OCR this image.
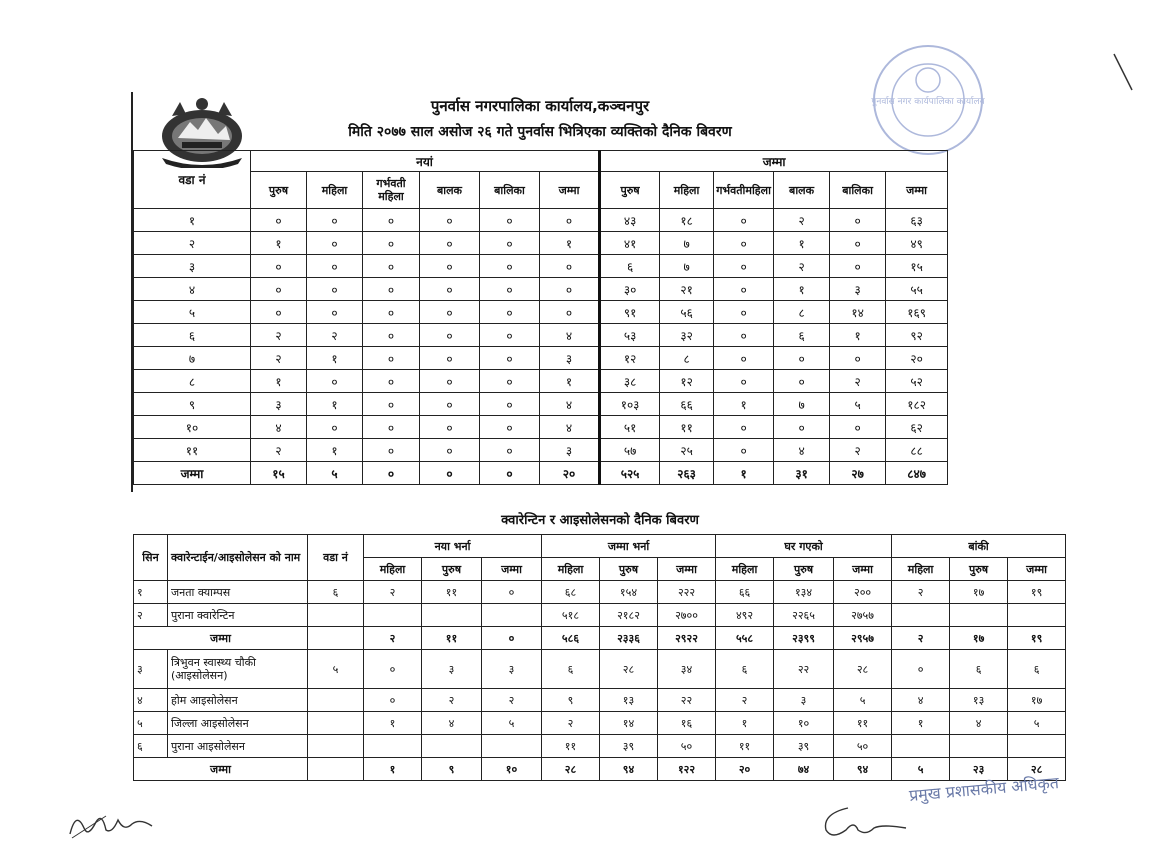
पुनर्वास नगर कार्यपालिका कार्यालय
पुनर्वास नगरपालिका कार्यालय,कञ्चनपुर
मिति २०७७ साल असोज २६ गते पुनर्वास भित्रिएका व्यक्तिको दैनिक बिवरण
वडा नं	नयां						जम्मा					
	पुरुष	महिला	गर्भवती महिला	बालक	बालिका	जम्मा	पुरुष	महिला	गर्भवतीमहिला	बालक	बालिका	जम्मा
१	०	०	०	०	०	०	४३	१८	०	२	०	६३
२	१	०	०	०	०	१	४१	७	०	१	०	४९
३	०	०	०	०	०	०	६	७	०	२	०	१५
४	०	०	०	०	०	०	३०	२१	०	१	३	५५
५	०	०	०	०	०	०	९१	५६	०	८	१४	१६९
६	२	२	०	०	०	४	५३	३२	०	६	१	९२
७	२	१	०	०	०	३	१२	८	०	०	०	२०
८	१	०	०	०	०	१	३८	१२	०	०	२	५२
९	३	१	०	०	०	४	१०३	६६	१	७	५	१८२
१०	४	०	०	०	०	४	५१	११	०	०	०	६२
११	२	१	०	०	०	३	५७	२५	०	४	२	८८
जम्मा	१५	५	०	०	०	२०	५२५	२६३	१	३१	२७	८४७
क्वारेन्टिन र आइसोलेसनको दैनिक बिवरण
सिन	क्वारेन्टाईन/आइसोलेसन को नाम	वडा नं	नया भर्ना			जम्मा भर्ना			घर गएको			बांकी		
			महिला	पुरुष	जम्मा	महिला	पुरुष	जम्मा	महिला	पुरुष	जम्मा	महिला	पुरुष	जम्मा
१	जनता क्याम्पस	६	२	११	०	६८	१५४	२२२	६६	१३४	२००	२	१७	१९
२	पुराना क्वारेन्टिन					५१८	२१८२	२७००	४९२	२२६५	२७५७			
जम्मा			२	११	०	५८६	२३३६	२९२२	५५८	२३९९	२९५७	२	१७	१९
३	त्रिभुवन स्वास्थ्य चौकी (आइसोलेसन)	५	०	३	३	६	२८	३४	६	२२	२८	०	६	६
४	होम आइसोलेसन		०	२	२	९	१३	२२	२	३	५	४	१३	१७
५	जिल्ला आइसोलेसन		१	४	५	२	१४	१६	१	१०	११	१	४	५
६	पुराना आइसोलेसन					११	३९	५०	११	३९	५०			
जम्मा			१	९	१०	२८	९४	१२२	२०	७४	९४	५	२३	२८
प्रमुख प्रशासकीय अधिकृत
